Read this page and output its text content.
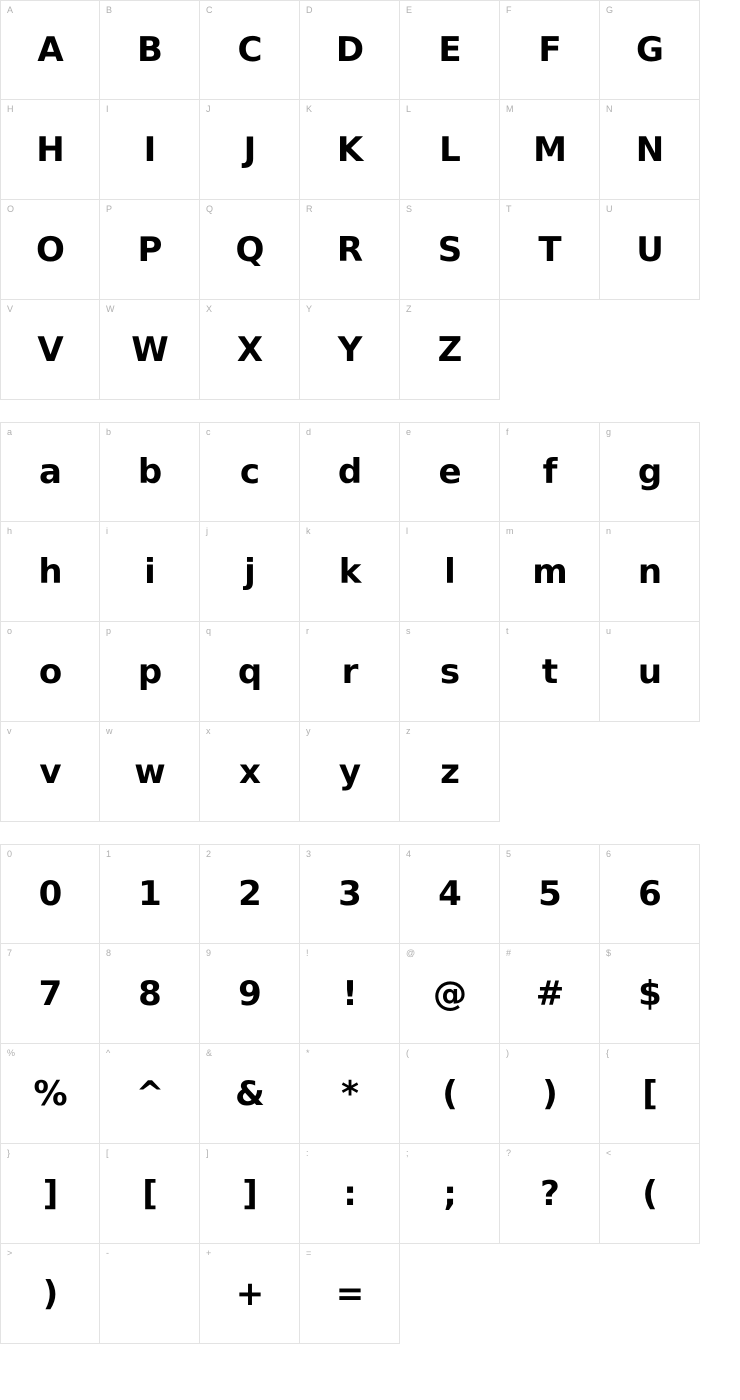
A
A
B
B
C
C
D
D
E
E
F
F
G
G
H
H
I
I
J
J
K
K
L
L
M
M
N
N
O
O
P
P
Q
Q
R
R
S
S
T
T
U
U
V
V
W
W
X
X
Y
Y
Z
Z
a
a
b
b
c
c
d
d
e
e
f
f
g
g
h
h
i
i
j
j
k
k
l
l
m
m
n
n
o
o
p
p
q
q
r
r
s
s
t
t
u
u
v
v
w
w
x
x
y
y
z
z
0
0
1
1
2
2
3
3
4
4
5
5
6
6
7
7
8
8
9
9
!
!
@
@
#
#
$
$
%
%
^
^
&
&
*
*
(
(
)
)
{
[
}
]
[
[
]
]
:
:
;
;
?
?
<
(
>
)
-	+
+
=
=
